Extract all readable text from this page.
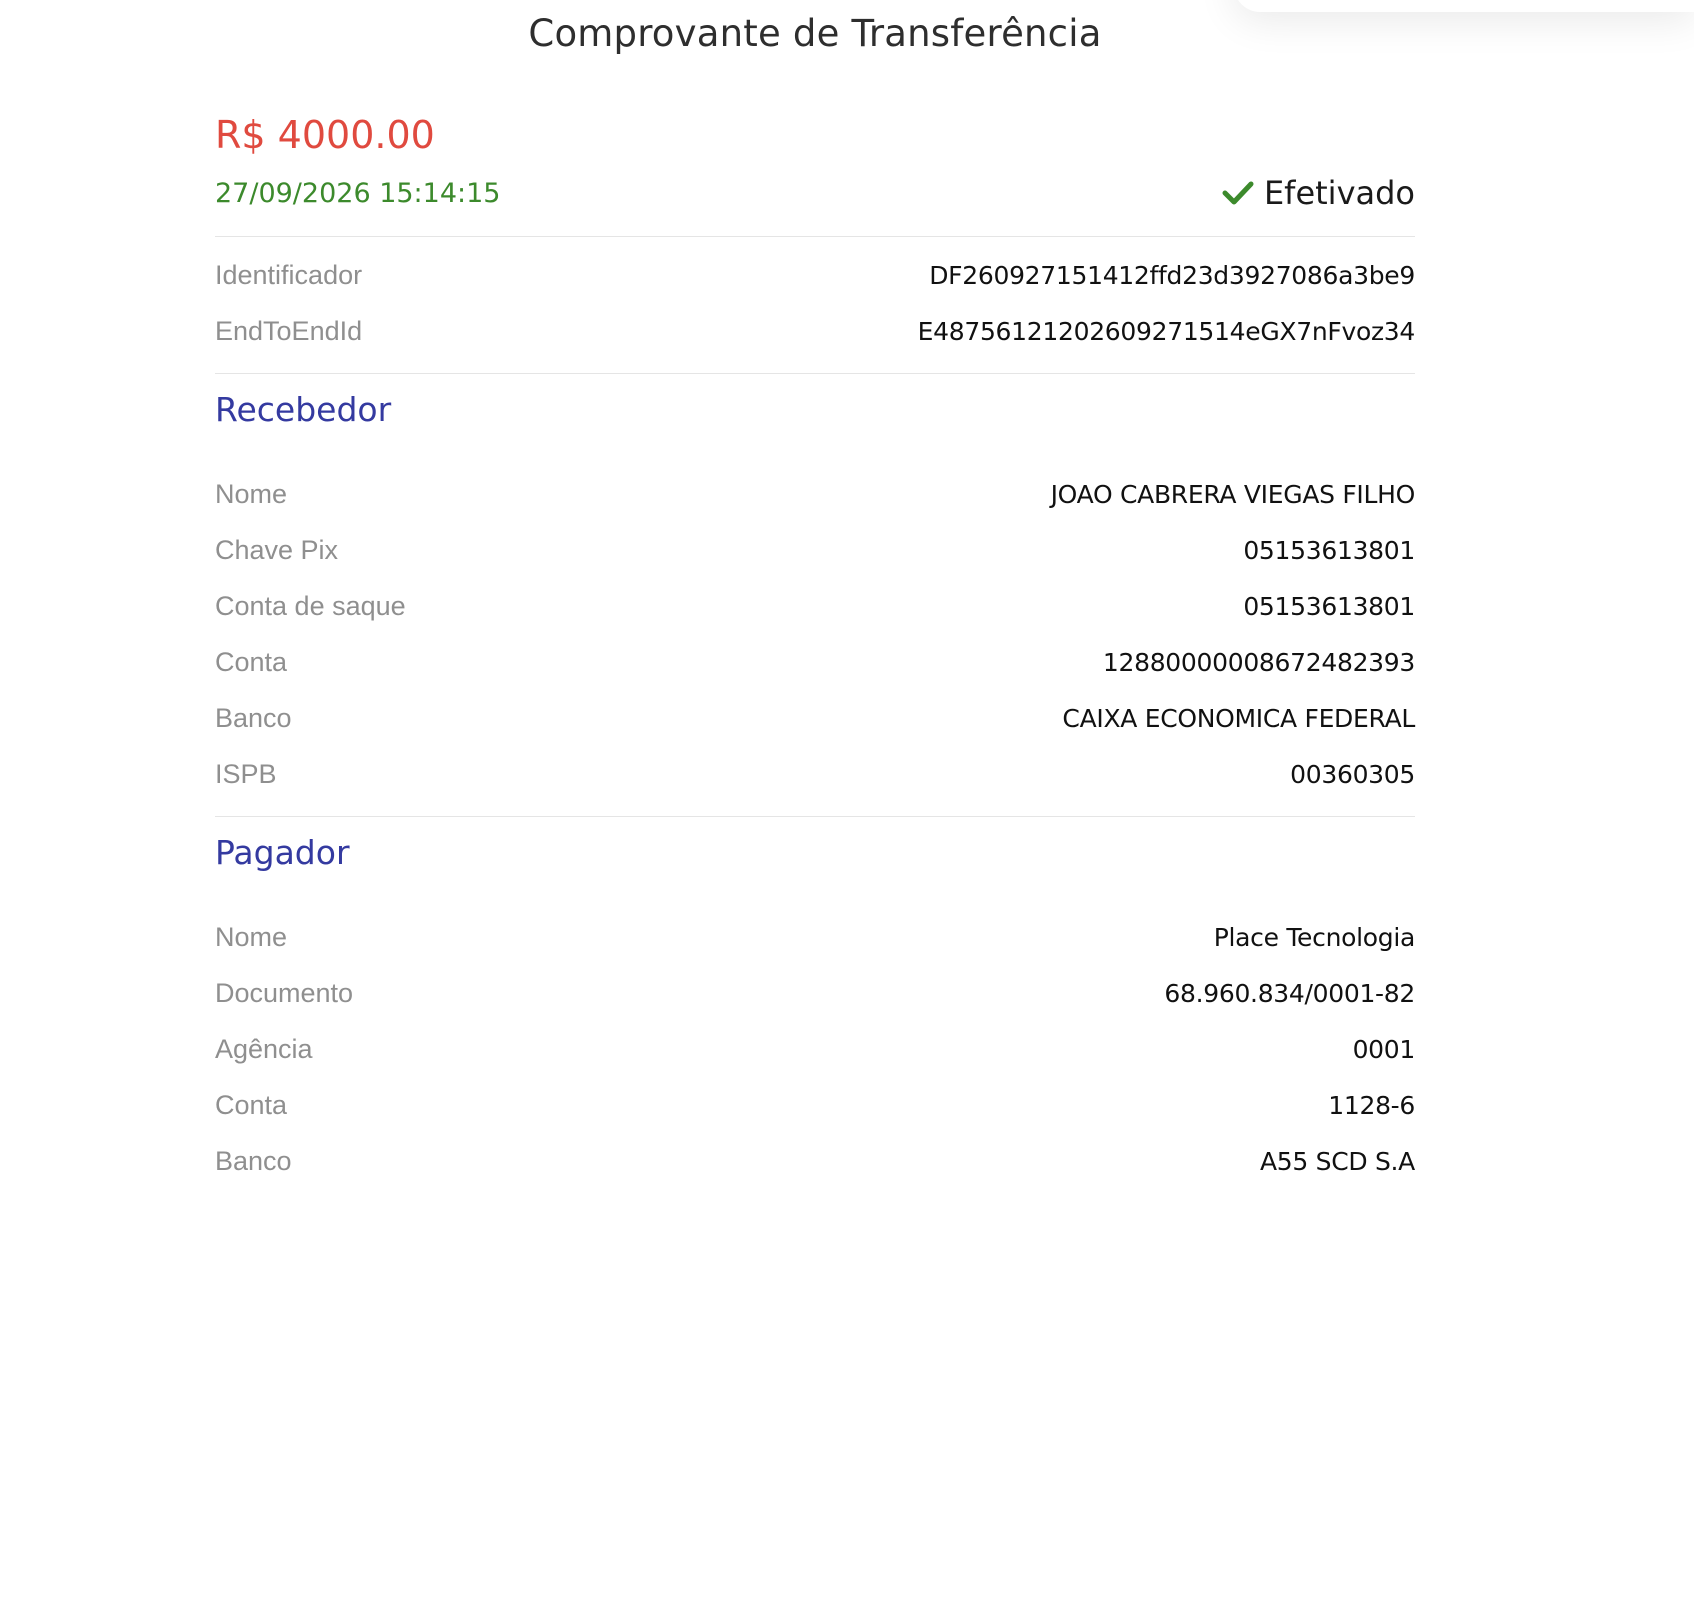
Comprovante de Transferência
R$ 4000.00
27/09/2026 15:14:15	Efetivado
Identificador	DF260927151412ffd23d3927086a3be9
EndToEndId	E48756121202609271514eGX7nFvoz34
Recebedor
Nome	JOAO CABRERA VIEGAS FILHO
Chave Pix	05153613801
Conta de saque	05153613801
Conta	12880000008672482393
Banco	CAIXA ECONOMICA FEDERAL
ISPB	00360305
Pagador
Nome	Place Tecnologia
Documento	68.960.834/0001-82
Agência	0001
Conta	1128-6
Banco	A55 SCD S.A
